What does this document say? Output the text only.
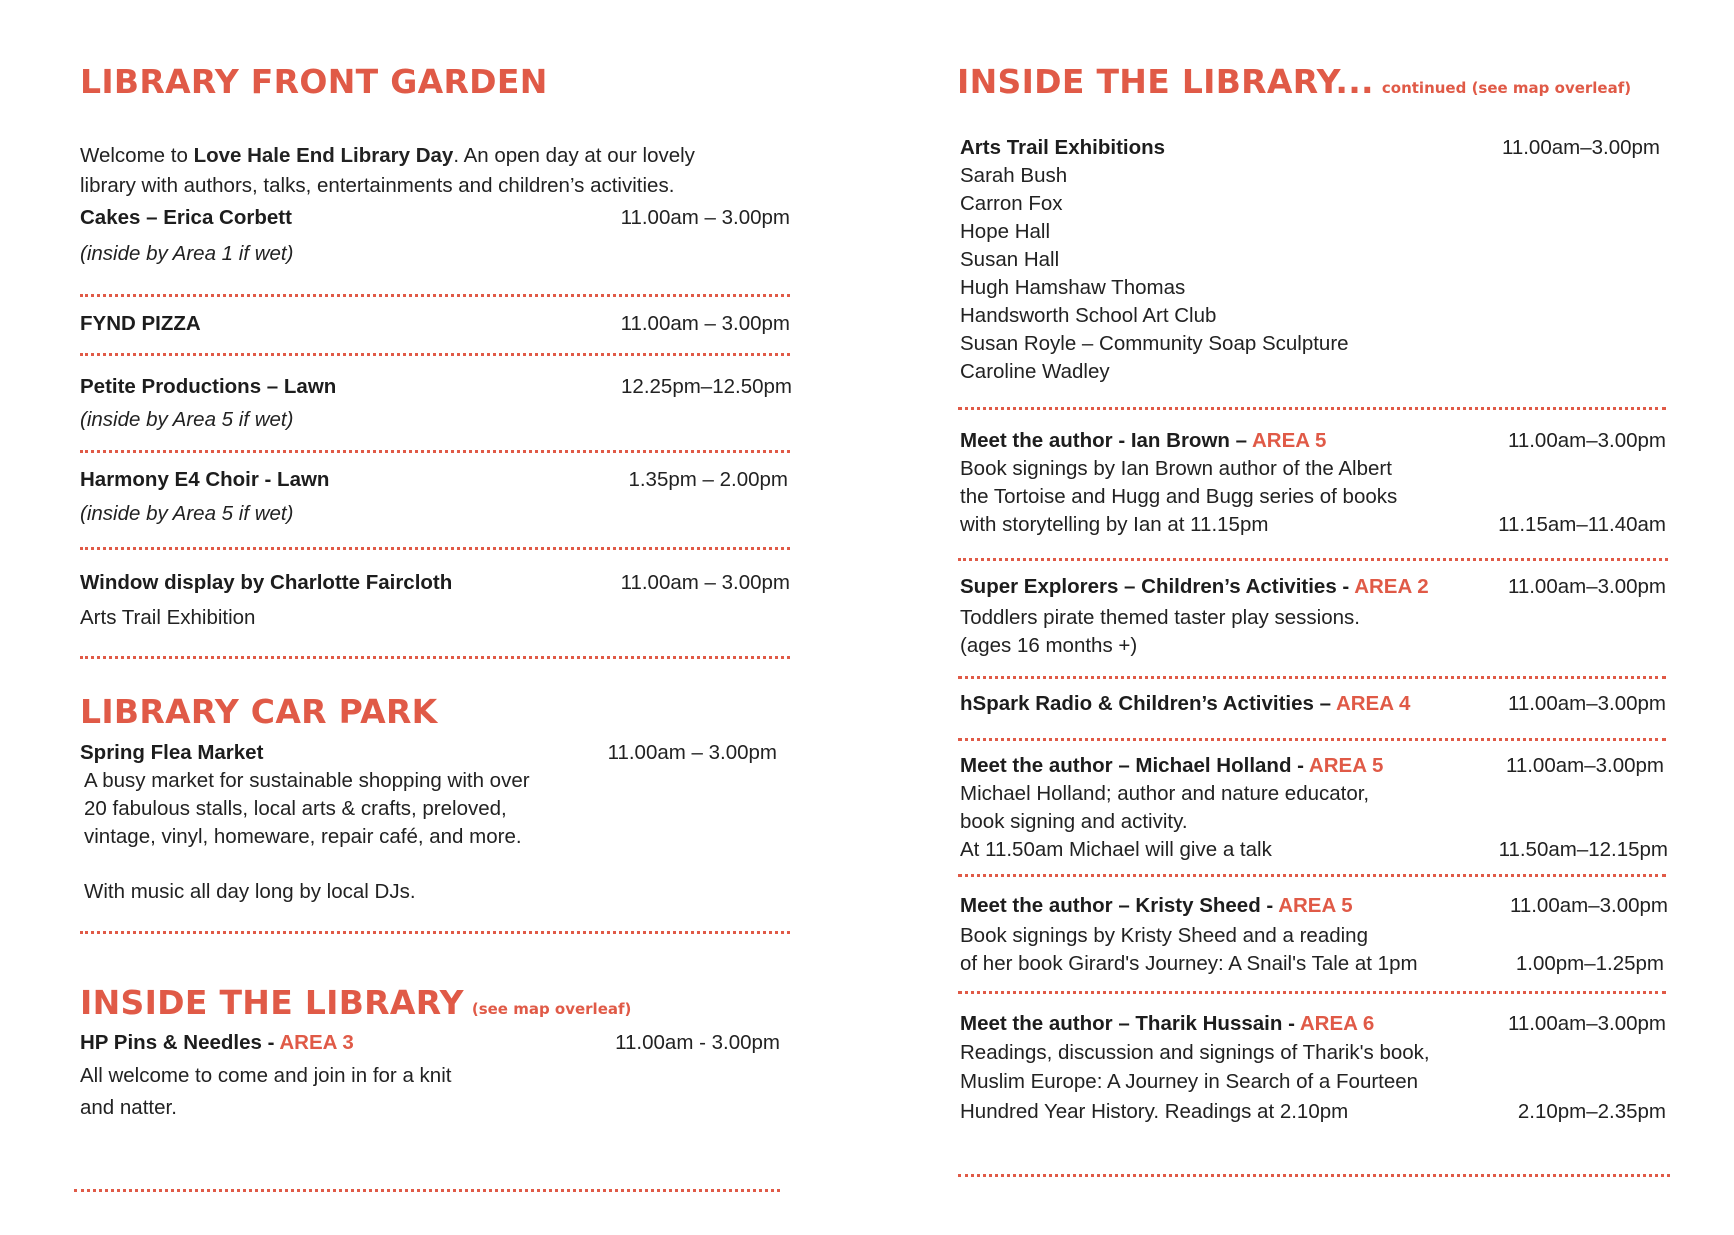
LIBRARY FRONT GARDEN
Welcome to Love Hale End Library Day. An open day at our lovely
library with authors, talks, entertainments and children’s activities.
Cakes – Erica Corbett	11.00am – 3.00pm
(inside by Area 1 if wet)
FYND PIZZA	11.00am – 3.00pm
Petite Productions – Lawn	12.25pm–12.50pm
(inside by Area 5 if wet)
Harmony E4 Choir - Lawn	1.35pm – 2.00pm
(inside by Area 5 if wet)
Window display by Charlotte Faircloth	11.00am – 3.00pm
Arts Trail Exhibition
LIBRARY CAR PARK
Spring Flea Market	11.00am – 3.00pm
A busy market for sustainable shopping with over
20 fabulous stalls, local arts & crafts, preloved,
vintage, vinyl, homeware, repair café, and more.
With music all day long by local DJs.
INSIDE THE LIBRARY (see map overleaf)
HP Pins & Needles - AREA 3	11.00am - 3.00pm
All welcome to come and join in for a knit
and natter.
INSIDE THE LIBRARY... continued (see map overleaf)
Arts Trail Exhibitions	11.00am–3.00pm
Sarah Bush
Carron Fox
Hope Hall
Susan Hall
Hugh Hamshaw Thomas
Handsworth School Art Club
Susan Royle – Community Soap Sculpture
Caroline Wadley
Meet the author - Ian Brown – AREA 5	11.00am–3.00pm
Book signings by Ian Brown author of the Albert
the Tortoise and Hugg and Bugg series of books
with storytelling by Ian at 11.15pm	11.15am–11.40am
Super Explorers – Children’s Activities - AREA 2	11.00am–3.00pm
Toddlers pirate themed taster play sessions.
(ages 16 months +)
hSpark Radio & Children’s Activities – AREA 4	11.00am–3.00pm
Meet the author – Michael Holland - AREA 5	11.00am–3.00pm
Michael Holland; author and nature educator,
book signing and activity.
At 11.50am Michael will give a talk	11.50am–12.15pm
Meet the author – Kristy Sheed - AREA 5	11.00am–3.00pm
Book signings by Kristy Sheed and a reading
of her book Girard's Journey: A Snail's Tale at 1pm	1.00pm–1.25pm
Meet the author – Tharik Hussain - AREA 6	11.00am–3.00pm
Readings, discussion and signings of Tharik's book,
Muslim Europe: A Journey in Search of a Fourteen
Hundred Year History. Readings at 2.10pm	2.10pm–2.35pm
